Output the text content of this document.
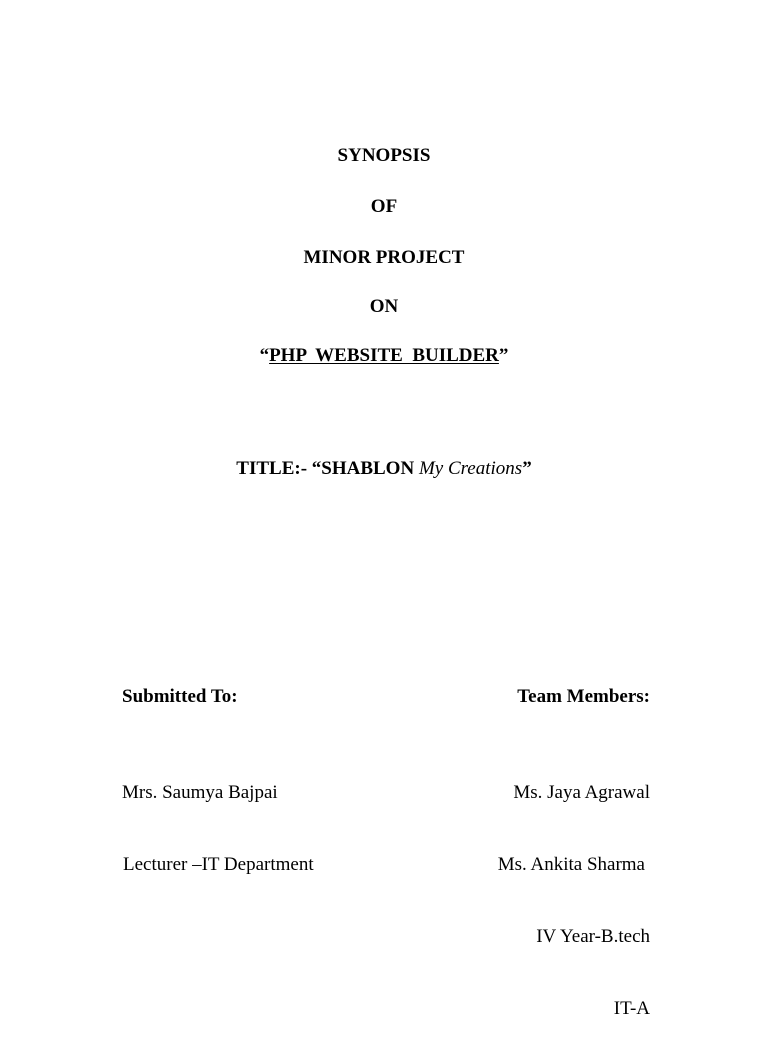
SYNOPSIS
OF
MINOR PROJECT
ON
“PHP  WEBSITE  BUILDER”
TITLE:- “SHABLON My Creations”

Submitted To:

Mrs. Saumya Bajpai

Lecturer –IT Department

Team Members:

Ms. Jaya Agrawal

Ms. Ankita Sharma

IV Year-B.tech

IT-A
